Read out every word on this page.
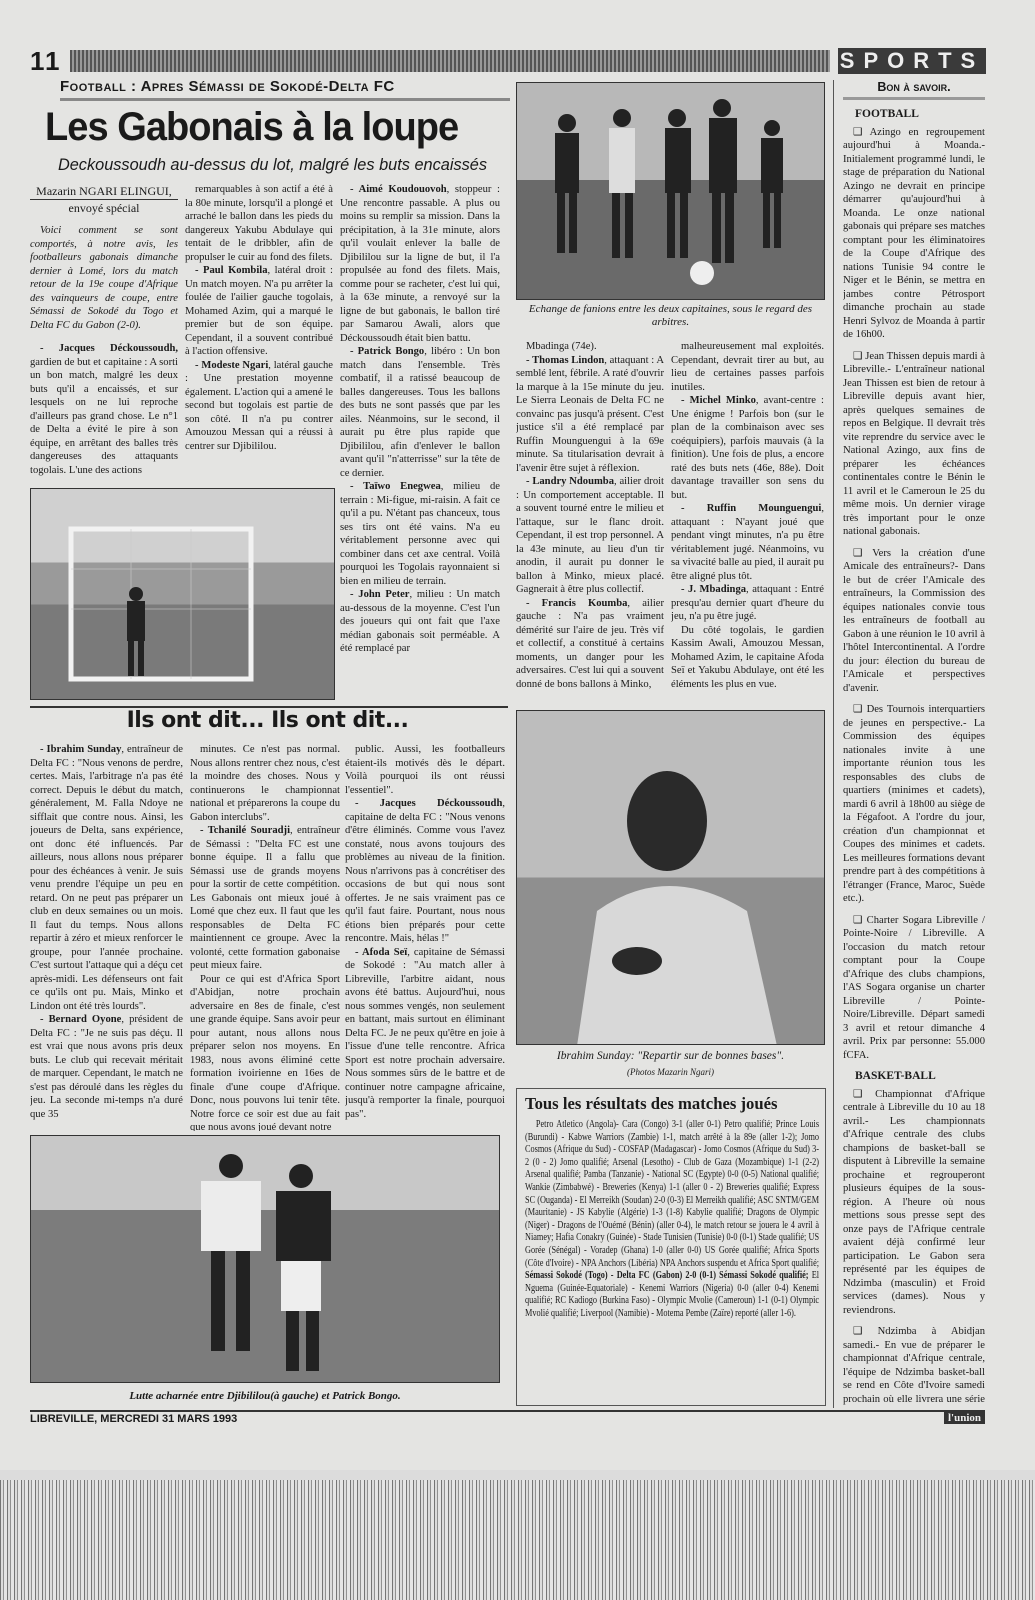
11	SPORTS
Football : Apres Sémassi de Sokodé-Delta FC
Les Gabonais à la loupe
Deckoussoudh au-dessus du lot, malgré les buts encaissés
Mazarin NGARI ELINGUI,
envoyé spécial

Voici comment se sont comportés, à notre avis, les footballeurs gabonais dimanche dernier à Lomé, lors du match retour de la 19e coupe d'Afrique des vainqueurs de coupe, entre Sémassi de Sokodé du Togo et Delta FC du Gabon (2-0).

- Jacques Déckoussoudh, gardien de but et capitaine : A sorti un bon match, malgré les deux buts qu'il a encaissés, et sur lesquels on ne lui reproche d'ailleurs pas grand chose. Le n°1 de Delta a évité le pire à son équipe, en arrêtant des balles très dangereuses des attaquants togolais. L'une des actions

remarquables à son actif a été à la 80e minute, lorsqu'il a plongé et arraché le ballon dans les pieds du dangereux Yakubu Abdulaye qui tentait de le dribbler, afin de propulser le cuir au fond des filets.

- Paul Kombila, latéral droit : Un match moyen. N'a pu arrêter la foulée de l'ailier gauche togolais, Mohamed Azim, qui a marqué le premier but de son équipe. Cependant, il a souvent contribué à l'action offensive.

- Modeste Ngari, latéral gauche : Une prestation moyenne également. L'action qui a amené le second but togolais est partie de son côté. Il n'a pu contrer Amouzou Messan qui a réussi à centrer sur Djibililou.

- Aimé Koudouovoh, stoppeur : Une rencontre passable. A plus ou moins su remplir sa mission. Dans la précipitation, à la 31e minute, alors qu'il voulait enlever la balle de Djibililou sur la ligne de but, il l'a propulsée au fond des filets. Mais, comme pour se racheter, c'est lui qui, à la 63e minute, a renvoyé sur la ligne de but gabonais, le ballon tiré par Samarou Awali, alors que Déckoussoudh était bien battu.

- Patrick Bongo, libéro : Un bon match dans l'ensemble. Très combatif, il a ratissé beaucoup de balles dangereuses. Tous les ballons des buts ne sont passés que par les ailes. Néanmoins, sur le second, il aurait pu être plus rapide que Djibililou, afin d'enlever le ballon avant qu'il "n'atterrisse" sur la tête de ce dernier.

- Taïwo Enegwea, milieu de terrain : Mi-figue, mi-raisin. A fait ce qu'il a pu. N'étant pas chanceux, tous ses tirs ont été vains. N'a eu véritablement personne avec qui combiner dans cet axe central. Voilà pourquoi les Togolais rayonnaient si bien en milieu de terrain.

- John Peter, milieu : Un match au-dessous de la moyenne. C'est l'un des joueurs qui ont fait que l'axe médian gabonais soit perméable. A été remplacé par

Mbadinga (74e).

- Thomas Lindon, attaquant : A semblé lent, fébrile. A raté d'ouvrir la marque à la 15e minute du jeu. Le Sierra Leonais de Delta FC ne convainc pas jusqu'à présent. C'est justice s'il a été remplacé par Ruffin Mounguengui à la 69e minute. Sa titularisation devrait à l'avenir être sujet à réflexion.

- Landry Ndoumba, ailier droit : Un comportement acceptable. Il a souvent tourné entre le milieu et l'attaque, sur le flanc droit. Cependant, il est trop personnel. A la 43e minute, au lieu d'un tir anodin, il aurait pu donner le ballon à Minko, mieux placé. Gagnerait à être plus collectif.

- Francis Koumba, ailier gauche : N'a pas vraiment démérité sur l'aire de jeu. Très vif et collectif, a constitué à certains moments, un danger pour les adversaires. C'est lui qui a souvent donné de bons ballons à Minko,

malheureusement mal exploités. Cependant, devrait tirer au but, au lieu de certaines passes parfois inutiles.

- Michel Minko, avant-centre : Une énigme ! Parfois bon (sur le plan de la combinaison avec ses coéquipiers), parfois mauvais (à la finition). Une fois de plus, a encore raté des buts nets (46e, 88e). Doit davantage travailler son sens du but.

- Ruffin Mounguengui, attaquant : N'ayant joué que pendant vingt minutes, n'a pu être véritablement jugé. Néanmoins, vu sa vivacité balle au pied, il aurait pu être aligné plus tôt.

- J. Mbadinga, attaquant : Entré presqu'au dernier quart d'heure du jeu, n'a pu être jugé.

Du côté togolais, le gardien Kassim Awali, Amouzou Messan, Mohamed Azim, le capitaine Afoda Seï et Yakubu Abdulaye, ont été les éléments les plus en vue.

Echange de fanions entre les deux capitaines, sous le regard des arbitres.
Ils ont dit... Ils ont dit...

- Ibrahim Sunday, entraîneur de Delta FC : "Nous venons de perdre, certes. Mais, l'arbitrage n'a pas été correct. Depuis le début du match, généralement, M. Falla Ndoye ne sifflait que contre nous. Ainsi, les joueurs de Delta, sans expérience, ont donc été influencés. Par ailleurs, nous allons nous préparer pour des échéances à venir. Je suis venu prendre l'équipe un peu en retard. On ne peut pas préparer un club en deux semaines ou un mois. Il faut du temps. Nous allons repartir à zéro et mieux renforcer le groupe, pour l'année prochaine. C'est surtout l'attaque qui a déçu cet après-midi. Les défenseurs ont fait ce qu'ils ont pu. Mais, Minko et Lindon ont été très lourds".

- Bernard Oyone, président de Delta FC : "Je ne suis pas déçu. Il est vrai que nous avons pris deux buts. Le club qui recevait méritait de marquer. Cependant, le match ne s'est pas déroulé dans les règles du jeu. La seconde mi-temps n'a duré que 35

minutes. Ce n'est pas normal. Nous allons rentrer chez nous, c'est la moindre des choses. Nous y continuerons le championnat national et préparerons la coupe du Gabon interclubs".

- Tchanilé Souradji, entraîneur de Sémassi : "Delta FC est une bonne équipe. Il a fallu que Sémassi use de grands moyens pour la sortir de cette compétition. Les Gabonais ont mieux joué à Lomé que chez eux. Il faut que les responsables de Delta FC maintiennent ce groupe. Avec la volonté, cette formation gabonaise peut mieux faire.

Pour ce qui est d'Africa Sport d'Abidjan, notre prochain adversaire en 8es de finale, c'est une grande équipe. Sans avoir peur pour autant, nous allons nous préparer selon nos moyens. En 1983, nous avons éliminé cette formation ivoirienne en 16es de finale d'une coupe d'Afrique. Donc, nous pouvons lui tenir tête. Notre force ce soir est due au fait que nous avons joué devant notre

public. Aussi, les footballeurs étaient-ils motivés dès le départ. Voilà pourquoi ils ont réussi l'essentiel".

- Jacques Déckoussoudh, capitaine de delta FC : "Nous venons d'être éliminés. Comme vous l'avez constaté, nous avons toujours des problèmes au niveau de la finition. Nous n'arrivons pas à concrétiser des occasions de but qui nous sont offertes. Je ne sais vraiment pas ce qu'il faut faire. Pourtant, nous nous étions bien préparés pour cette rencontre. Mais, hélas !"

- Afoda Seï, capitaine de Sémassi de Sokodé : "Au match aller à Libreville, l'arbitre aidant, nous avons été battus. Aujourd'hui, nous nous sommes vengés, non seulement en battant, mais surtout en éliminant Delta FC. Je ne peux qu'être en joie à l'issue d'une telle rencontre. Africa Sport est notre prochain adversaire. Nous sommes sûrs de le battre et de continuer notre campagne africaine, jusqu'à remporter la finale, pourquoi pas".

Lutte acharnée entre Djibililou(à gauche) et Patrick Bongo.
Ibrahim Sunday: "Repartir sur de bonnes bases".
(Photos Mazarin Ngari)
Tous les résultats des matches joués

Petro Atletico (Angola)- Cara (Congo) 3-1 (aller 0-1) Petro qualifié; Prince Louis (Burundi) - Kabwe Warriors (Zambie) 1-1, match arrêté à la 89e (aller 1-2); Jomo Cosmos (Afrique du Sud) - COSFAP (Madagascar) - Jomo Cosmos (Afrique du Sud) 3-2 (0 - 2) Jomo qualifié; Arsenal (Lesotho) - Club de Gaza (Mozambique) 1-1 (2-2) Arsenal qualifié; Pamba (Tanzanie) - National SC (Egypte) 0-0 (0-5) National qualifié; Wankie (Zimbabwé) - Breweries (Kenya) 1-1 (aller 0 - 2) Breweries qualifié; Express SC (Ouganda) - El Merreikh (Soudan) 2-0 (0-3) El Merreikh qualifié; ASC SNTM/GEM (Mauritanie) - JS Kabylie (Algérie) 1-3 (1-8) Kabylie qualifié; Dragons de Olympic (Niger) - Dragons de l'Ouémé (Bénin) (aller 0-4), le match retour se jouera le 4 avril à Niamey; Hafia Conakry (Guinée) - Stade Tunisien (Tunisie) 0-0 (0-1) Stade qualifié; US Gorée (Sénégal) - Voradep (Ghana) 1-0 (aller 0-0) US Gorée qualifié; Africa Sports (Côte d'Ivoire) - NPA Anchors (Libéria) NPA Anchors suspendu et Africa Sport qualifié; Sémassi Sokodé (Togo) - Delta FC (Gabon) 2-0 (0-1) Sémassi Sokodé qualifié; El Nguema (Guinée-Equatoriale) - Kenemi Warriors (Nigeria) 0-0 (aller 0-4) Kenemi qualifié; RC Kadiogo (Burkina Faso) - Olympic Mvolie (Cameroun) 1-1 (0-1) Olympic Mvolié qualifié; Liverpool (Namibie) - Motema Pembe (Zaïre) reporté (aller 1-6).

Bon à savoir.
FOOTBALL

❑ Azingo en regroupement aujourd'hui à Moanda.- Initialement programmé lundi, le stage de préparation du National Azingo ne devrait en principe démarrer qu'aujourd'hui à Moanda. Le onze national gabonais qui prépare ses matches comptant pour les éliminatoires de la Coupe d'Afrique des nations Tunisie 94 contre le Niger et le Bénin, se mettra en jambes contre Pétrosport dimanche prochain au stade Henri Sylvoz de Moanda à partir de 16h00.

❑ Jean Thissen depuis mardi à Libreville.- L'entraîneur national Jean Thissen est bien de retour à Libreville depuis avant hier, après quelques semaines de repos en Belgique. Il devrait très vite reprendre du service avec le National Azingo, aux fins de préparer les échéances continentales contre le Bénin le 11 avril et le Cameroun le 25 du même mois. Un dernier virage très important pour le onze national gabonais.

❑ Vers la création d'une Amicale des entraîneurs?- Dans le but de créer l'Amicale des entraîneurs, la Commission des équipes nationales convie tous les entraîneurs de football au Gabon à une réunion le 10 avril à l'hôtel Intercontinental. A l'ordre du jour: élection du bureau de l'Amicale et perspectives d'avenir.

❑ Des Tournois interquartiers de jeunes en perspective.- La Commission des équipes nationales invite à une importante réunion tous les responsables des clubs de quartiers (minimes et cadets), mardi 6 avril à 18h00 au siège de la Fégafoot. A l'ordre du jour, création d'un championnat et Coupes des minimes et cadets. Les meilleures formations devant prendre part à des compétitions à l'étranger (France, Maroc, Suède etc.).

❑ Charter Sogara Libreville / Pointe-Noire / Libreville. A l'occasion du match retour comptant pour la Coupe d'Afrique des clubs champions, l'AS Sogara organise un charter Libreville / Pointe-Noire/Libreville. Départ samedi 3 avril et retour dimanche 4 avril. Prix par personne: 55.000 fCFA.

BASKET-BALL

❑ Championnat d'Afrique centrale à Libreville du 10 au 18 avril.- Les championnats d'Afrique centrale des clubs champions de basket-ball se disputent à Libreville la semaine prochaine et regrouperont plusieurs équipes de la sous-région. A l'heure où nous mettions sous presse sept des onze pays de l'Afrique centrale avaient déjà confirmé leur participation. Le Gabon sera représenté par les équipes de Ndzimba (masculin) et Froid services (dames). Nous y reviendrons.

❑ Ndzimba à Abidjan samedi.- En vue de préparer le championnat d'Afrique centrale, l'équipe de Ndzimba basket-ball se rend en Côte d'Ivoire samedi prochain où elle livrera une série

LIBREVILLE, MERCREDI 31 MARS 1993	l'union
